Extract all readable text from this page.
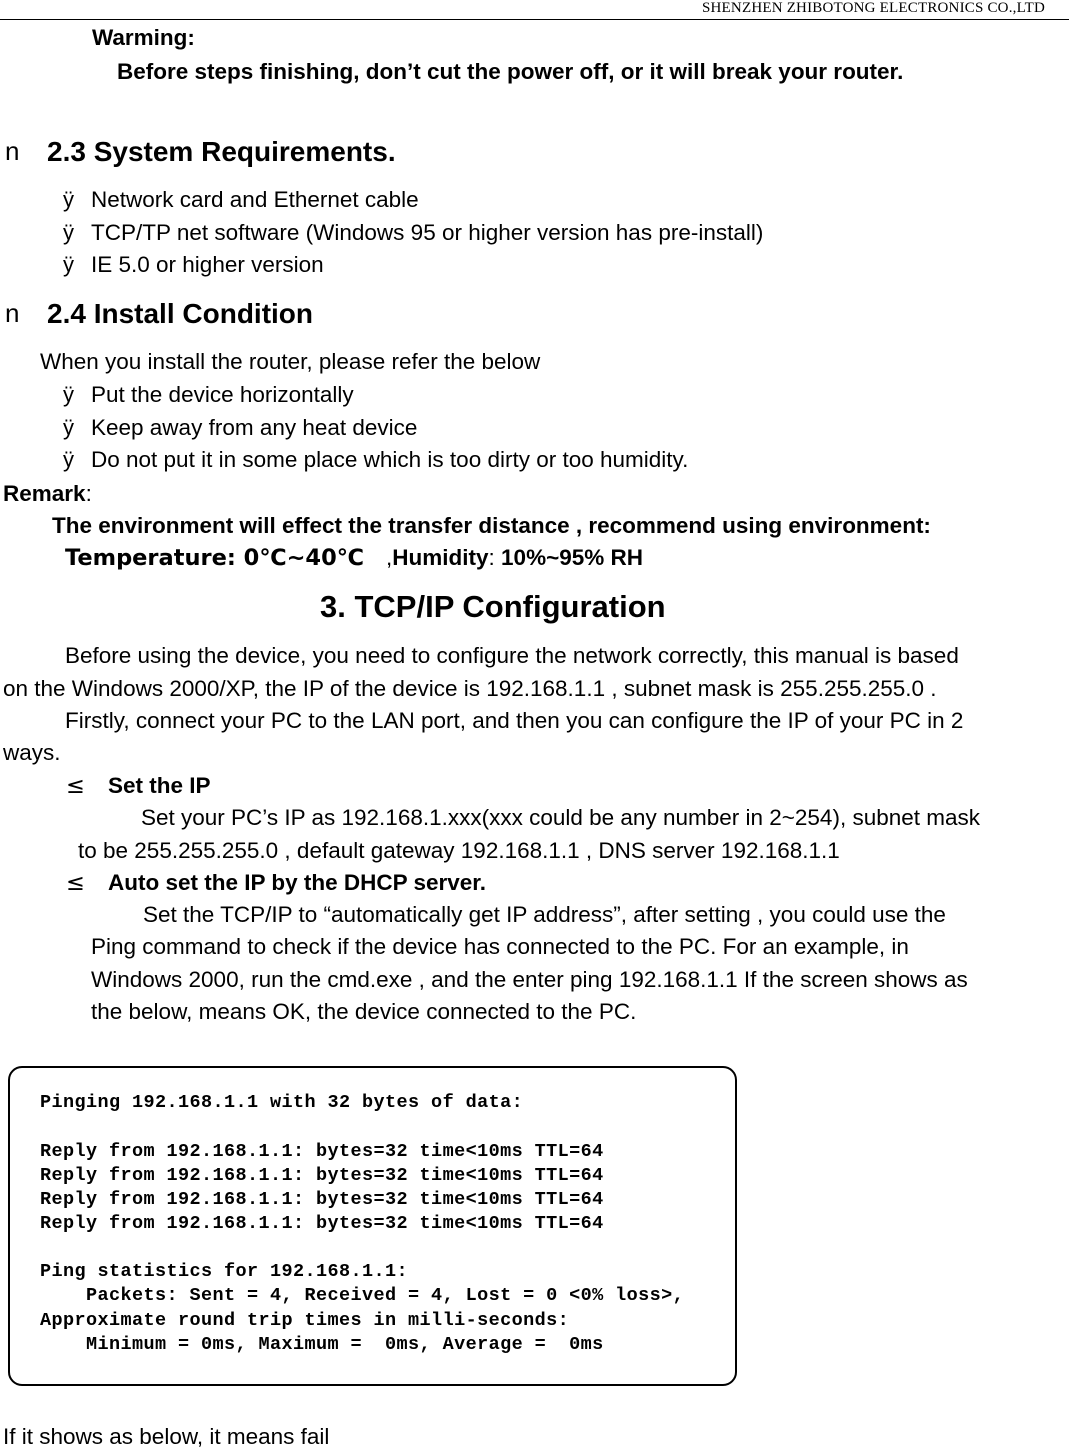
SHENZHEN ZHIBOTONG ELECTRONICS CO.,LTD
Warming:
Before steps finishing, don’t cut the power off, or it will break your router.
n 2.3 System Requirements.
ÿ Network card and Ethernet cable
ÿ TCP/TP net software (Windows 95 or higher version has pre-install)
ÿ IE 5.0 or higher version
n 2.4 Install Condition
When you install the router, please refer the below
ÿ Put the device horizontally
ÿ Keep away from any heat device
ÿ Do not put it in some place which is too dirty or too humidity.
Remark:
The environment will effect the transfer distance , recommend using environment:
Temperature: 0℃~40℃ ,Humidity: 10%~95% RH
3. TCP/IP Configuration
Before using the device, you need to configure the network correctly, this manual is based
on the Windows 2000/XP, the IP of the device is 192.168.1.1 , subnet mask is 255.255.255.0 .
Firstly, connect your PC to the LAN port, and then you can configure the IP of your PC in 2
ways.
≤ Set the IP
Set your PC’s IP as 192.168.1.xxx(xxx could be any number in 2~254), subnet mask
to be 255.255.255.0 , default gateway 192.168.1.1 , DNS server 192.168.1.1
≤ Auto set the IP by the DHCP server.
Set the TCP/IP to “automatically get IP address”, after setting , you could use the
Ping command to check if the device has connected to the PC. For an example, in
Windows 2000, run the cmd.exe , and the enter ping 192.168.1.1 If the screen shows as
the below, means OK, the device connected to the PC.
Pinging 192.168.1.1 with 32 bytes of data:
Reply from 192.168.1.1: bytes=32 time<10ms TTL=64
Reply from 192.168.1.1: bytes=32 time<10ms TTL=64
Reply from 192.168.1.1: bytes=32 time<10ms TTL=64
Reply from 192.168.1.1: bytes=32 time<10ms TTL=64
Ping statistics for 192.168.1.1:
Packets: Sent = 4, Received = 4, Lost = 0 <0% loss>,
Approximate round trip times in milli-seconds:
Minimum = 0ms, Maximum =  0ms, Average =  0ms
If it shows as below, it means fail
